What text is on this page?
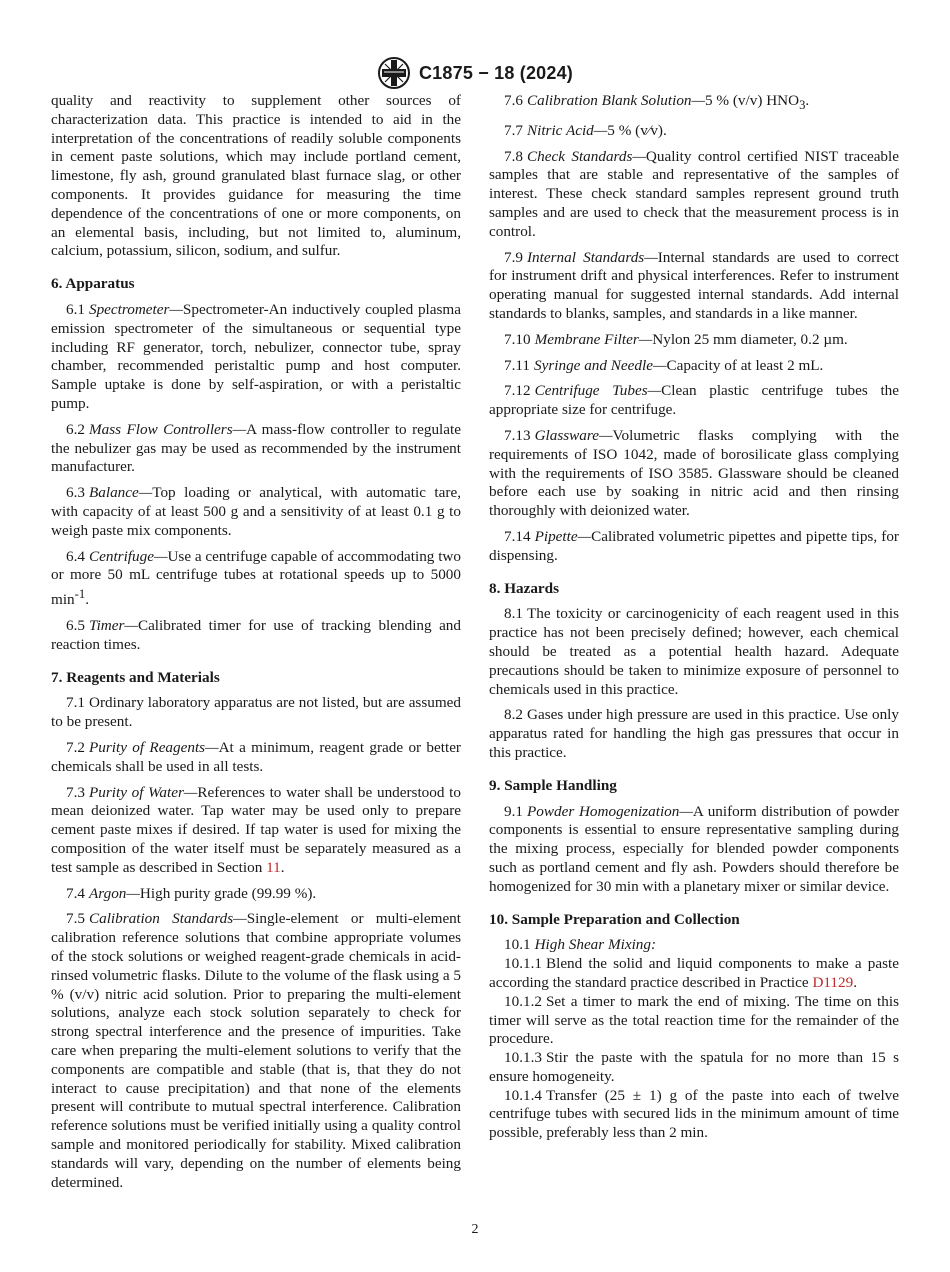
C1875 − 18 (2024)

quality and reactivity to supplement other sources of characterization data. This practice is intended to aid in the interpretation of the concentrations of readily soluble components in cement paste solutions, which may include portland cement, limestone, fly ash, ground granulated blast furnace slag, or other components. It provides guidance for measuring the time dependence of the concentrations of one or more components, on an elemental basis, including, but not limited to, aluminum, calcium, potassium, silicon, sodium, and sulfur.

6. Apparatus

6.1 Spectrometer—Spectrometer-An inductively coupled plasma emission spectrometer of the simultaneous or sequential type including RF generator, torch, nebulizer, connector tube, spray chamber, recommended peristaltic pump and host computer. Sample uptake is done by self-aspiration, or with a peristaltic pump.

6.2 Mass Flow Controllers—A mass-flow controller to regulate the nebulizer gas may be used as recommended by the instrument manufacturer.

6.3 Balance—Top loading or analytical, with automatic tare, with capacity of at least 500 g and a sensitivity of at least 0.1 g to weigh paste mix components.

6.4 Centrifuge—Use a centrifuge capable of accommodating two or more 50 mL centrifuge tubes at rotational speeds up to 5000 $\min^{-1}$.

6.5 Timer—Calibrated timer for use of tracking blending and reaction times.

7. Reagents and Materials

7.1 Ordinary laboratory apparatus are not listed, but are assumed to be present.

7.2 Purity of Reagents—At a minimum, reagent grade or better chemicals shall be used in all tests.

7.3 Purity of Water—References to water shall be understood to mean deionized water. Tap water may be used only to prepare cement paste mixes if desired. If tap water is used for mixing the composition of the water itself must be separately measured as a test sample as described in Section 11.

7.4 Argon—High purity grade (99.99 %).

7.5 Calibration Standards—Single-element or multi-element calibration reference solutions that combine appropriate volumes of the stock solutions or weighed reagent-grade chemicals in acid-rinsed volumetric flasks. Dilute to the volume of the flask using a 5 % (v/v) nitric acid solution. Prior to preparing the multi-element solutions, analyze each stock solution separately to check for strong spectral interference and the presence of impurities. Take care when preparing the multi-element solutions to verify that the components are compatible and stable (that is, that they do not interact to cause precipitation) and that none of the elements present will contribute to mutual spectral interference. Calibration reference solutions must be verified initially using a quality control sample and monitored periodically for stability. Mixed calibration standards will vary, depending on the number of elements being determined.

7.6 Calibration Blank Solution—5 % (v/v) $HNO_3$.

7.7 Nitric Acid—5 % (v⁄v).

7.8 Check Standards—Quality control certified NIST traceable samples that are stable and representative of the samples of interest. These check standard samples represent ground truth samples and are used to check that the measurement process is in control.

7.9 Internal Standards—Internal standards are used to correct for instrument drift and physical interferences. Refer to instrument operating manual for suggested internal standards. Add internal standards to blanks, samples, and standards in a like manner.

7.10 Membrane Filter—Nylon 25 mm diameter, 0.2 µm.

7.11 Syringe and Needle—Capacity of at least 2 mL.

7.12 Centrifuge Tubes—Clean plastic centrifuge tubes the appropriate size for centrifuge.

7.13 Glassware—Volumetric flasks complying with the requirements of ISO 1042, made of borosilicate glass complying with the requirements of ISO 3585. Glassware should be cleaned before each use by soaking in nitric acid and then rinsing thoroughly with deionized water.

7.14 Pipette—Calibrated volumetric pipettes and pipette tips, for dispensing.

8. Hazards

8.1 The toxicity or carcinogenicity of each reagent used in this practice has not been precisely defined; however, each chemical should be treated as a potential health hazard. Adequate precautions should be taken to minimize exposure of personnel to chemicals used in this practice.

8.2 Gases under high pressure are used in this practice. Use only apparatus rated for handling the high gas pressures that occur in this practice.

9. Sample Handling

9.1 Powder Homogenization—A uniform distribution of powder components is essential to ensure representative sampling during the mixing process, especially for blended powder components such as portland cement and fly ash. Powders should therefore be homogenized for 30 min with a planetary mixer or similar device.

10. Sample Preparation and Collection

10.1 High Shear Mixing:

10.1.1 Blend the solid and liquid components to make a paste according the standard practice described in Practice D1129.

10.1.2 Set a timer to mark the end of mixing. The time on this timer will serve as the total reaction time for the remainder of the procedure.

10.1.3 Stir the paste with the spatula for no more than 15 s ensure homogeneity.

10.1.4 Transfer (25 ± 1) g of the paste into each of twelve centrifuge tubes with secured lids in the minimum amount of time possible, preferably less than 2 min.

2
